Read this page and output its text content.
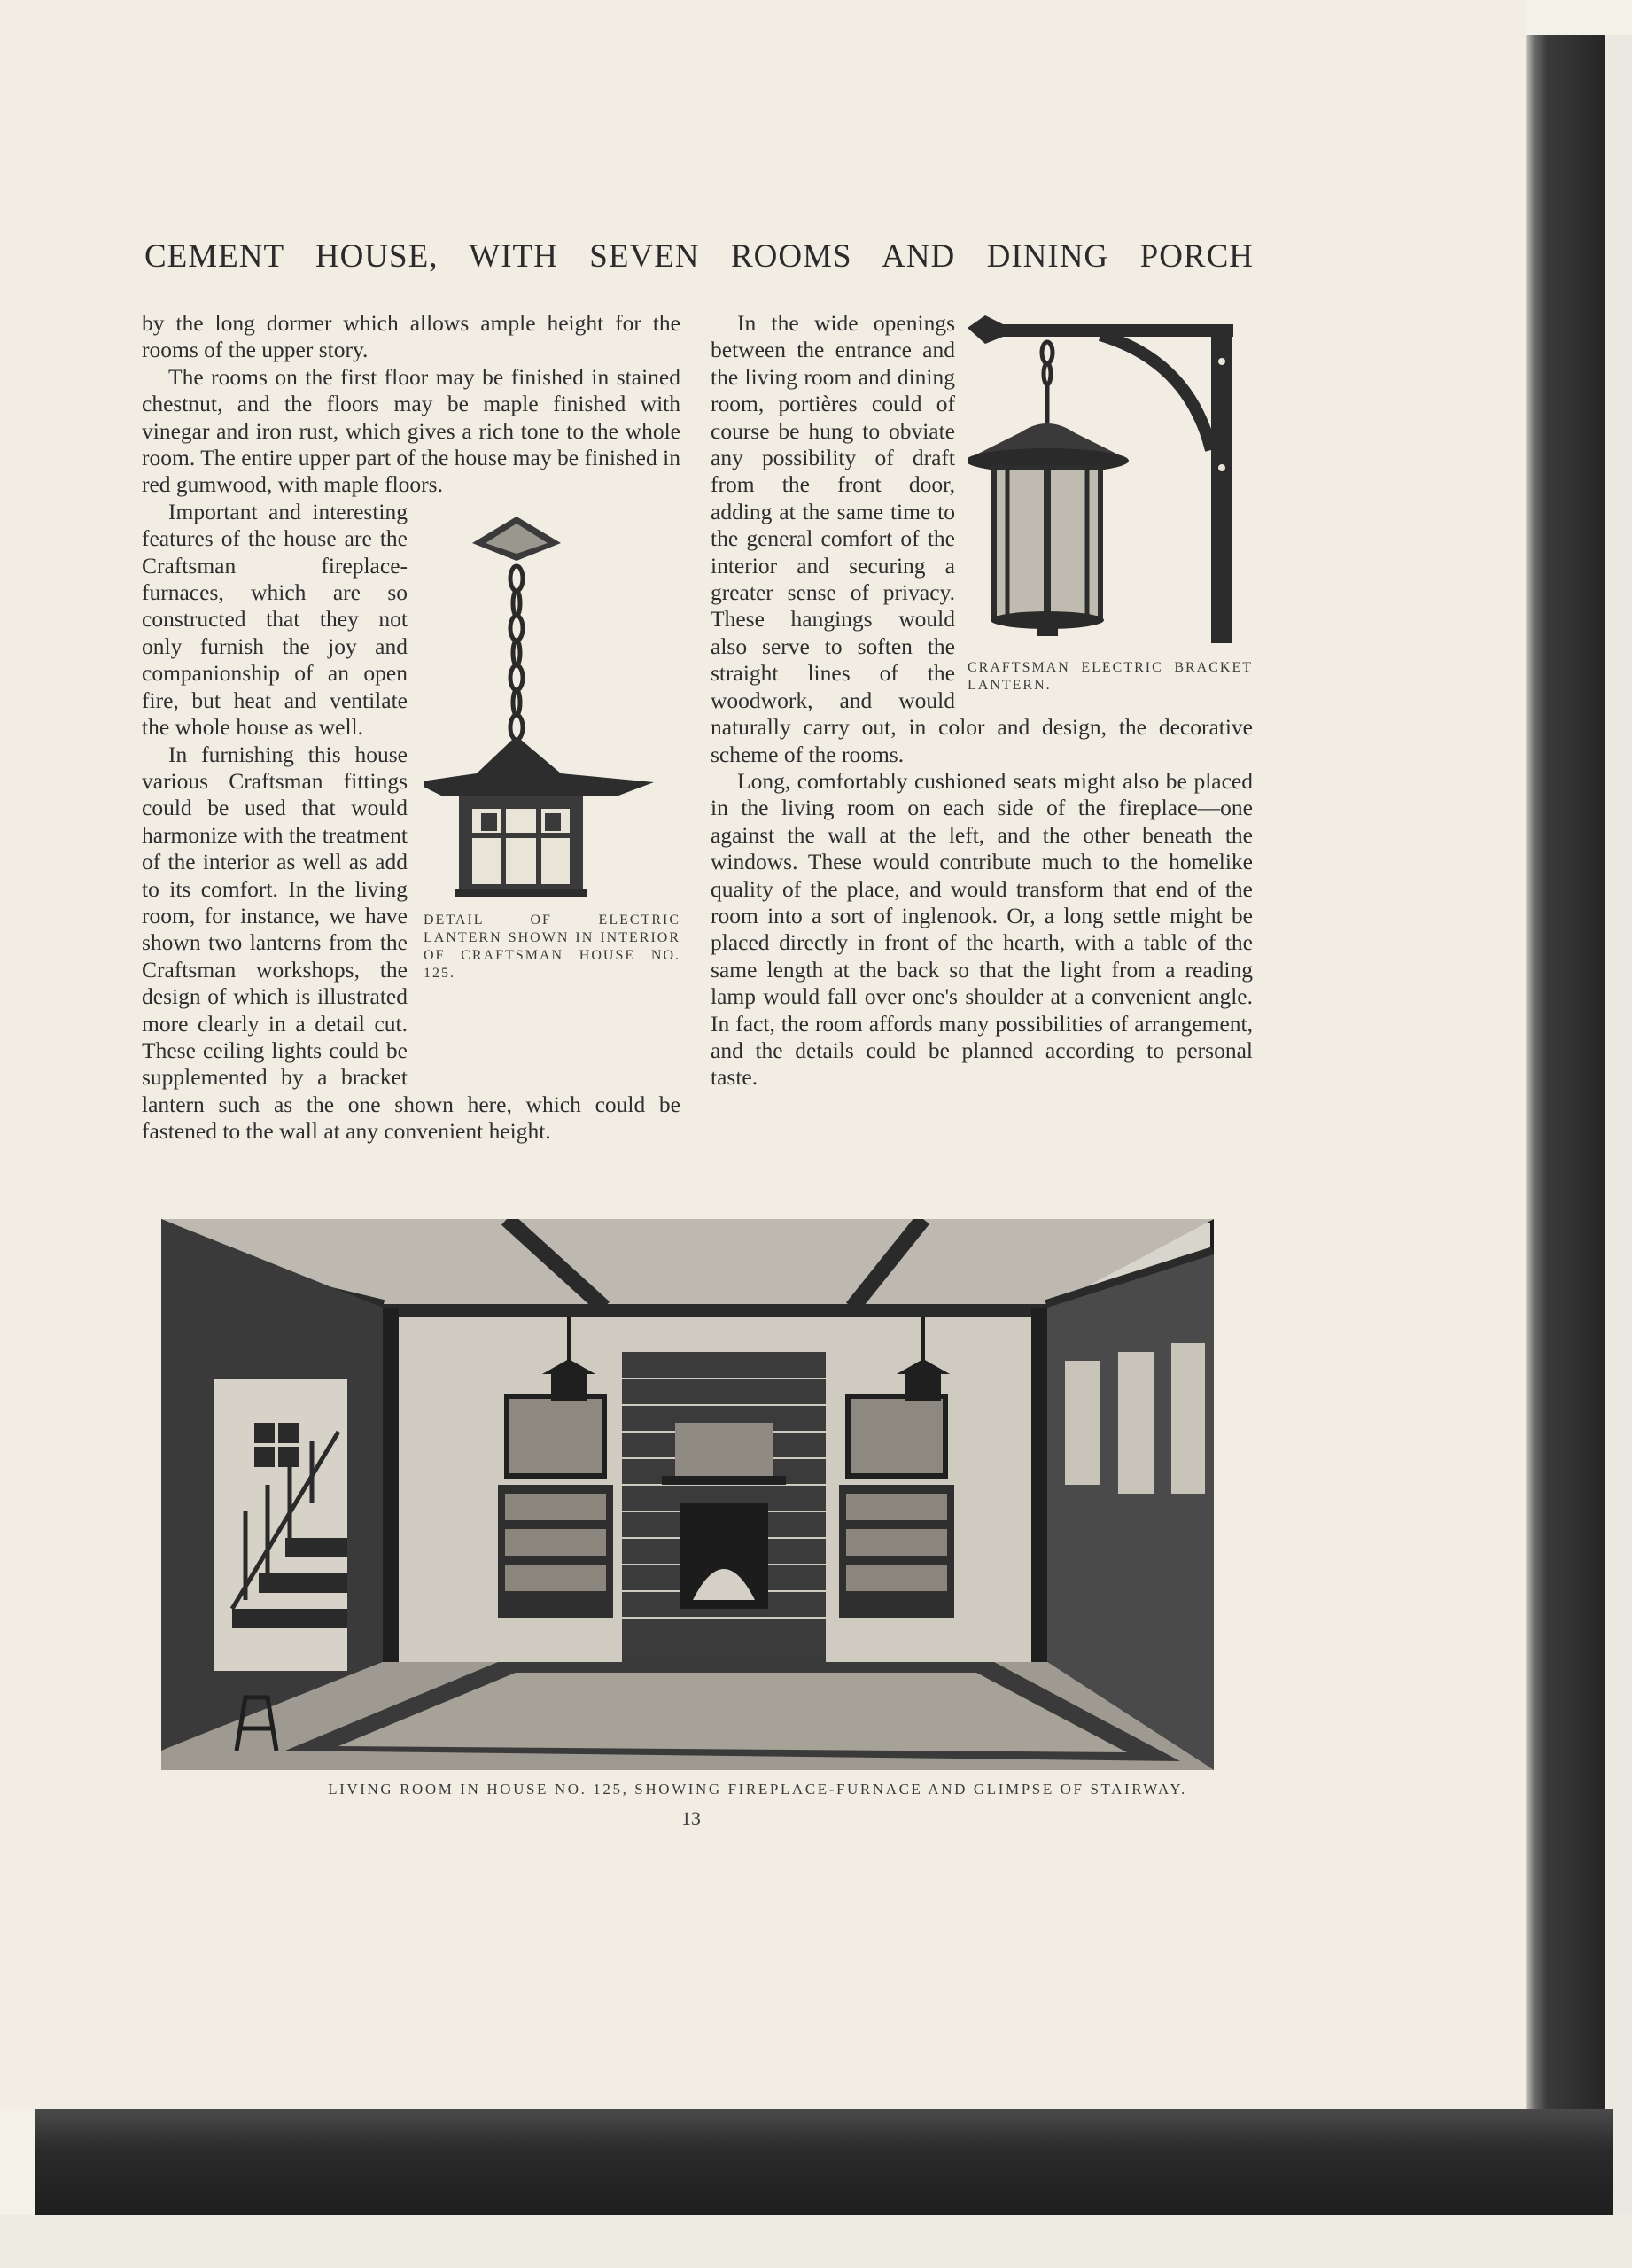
CEMENT HOUSE, WITH SEVEN ROOMS AND DINING PORCH

by the long dormer which allows ample height for the rooms of the upper story.

The rooms on the first floor may be finished in stained chestnut, and the floors may be maple finished with vinegar and iron rust, which gives a rich tone to the whole room. The entire upper part of the house may be finished in red gumwood, with maple floors.

DETAIL OF ELECTRIC LANTERN SHOWN IN INTERIOR OF CRAFTSMAN HOUSE NO. 125.

Important and interesting features of the house are the Craftsman fireplace-furnaces, which are so constructed that they not only furnish the joy and companionship of an open fire, but heat and ventilate the whole house as well.

In furnishing this house various Craftsman fittings could be used that would harmonize with the treatment of the interior as well as add to its comfort. In the living room, for instance, we have shown two lanterns from the Craftsman workshops, the design of which is illustrated more clearly in a detail cut. These ceiling lights could be supplemented by a bracket lantern such as the one shown here, which could be fastened to the wall at any convenient height.

CRAFTSMAN ELECTRIC BRACKET LANTERN.

In the wide openings between the entrance and the living room and dining room, portières could of course be hung to obviate any possibility of draft from the front door, adding at the same time to the general comfort of the interior and securing a greater sense of privacy. These hangings would also serve to soften the straight lines of the woodwork, and would naturally carry out, in color and design, the decorative scheme of the rooms.

Long, comfortably cushioned seats might also be placed in the living room on each side of the fireplace—one against the wall at the left, and the other beneath the windows. These would contribute much to the homelike quality of the place, and would transform that end of the room into a sort of inglenook. Or, a long settle might be placed directly in front of the hearth, with a table of the same length at the back so that the light from a reading lamp would fall over one's shoulder at a convenient angle. In fact, the room affords many possibilities of arrangement, and the details could be planned according to personal taste.

LIVING ROOM IN HOUSE NO. 125, SHOWING FIREPLACE-FURNACE AND GLIMPSE OF STAIRWAY.
13
